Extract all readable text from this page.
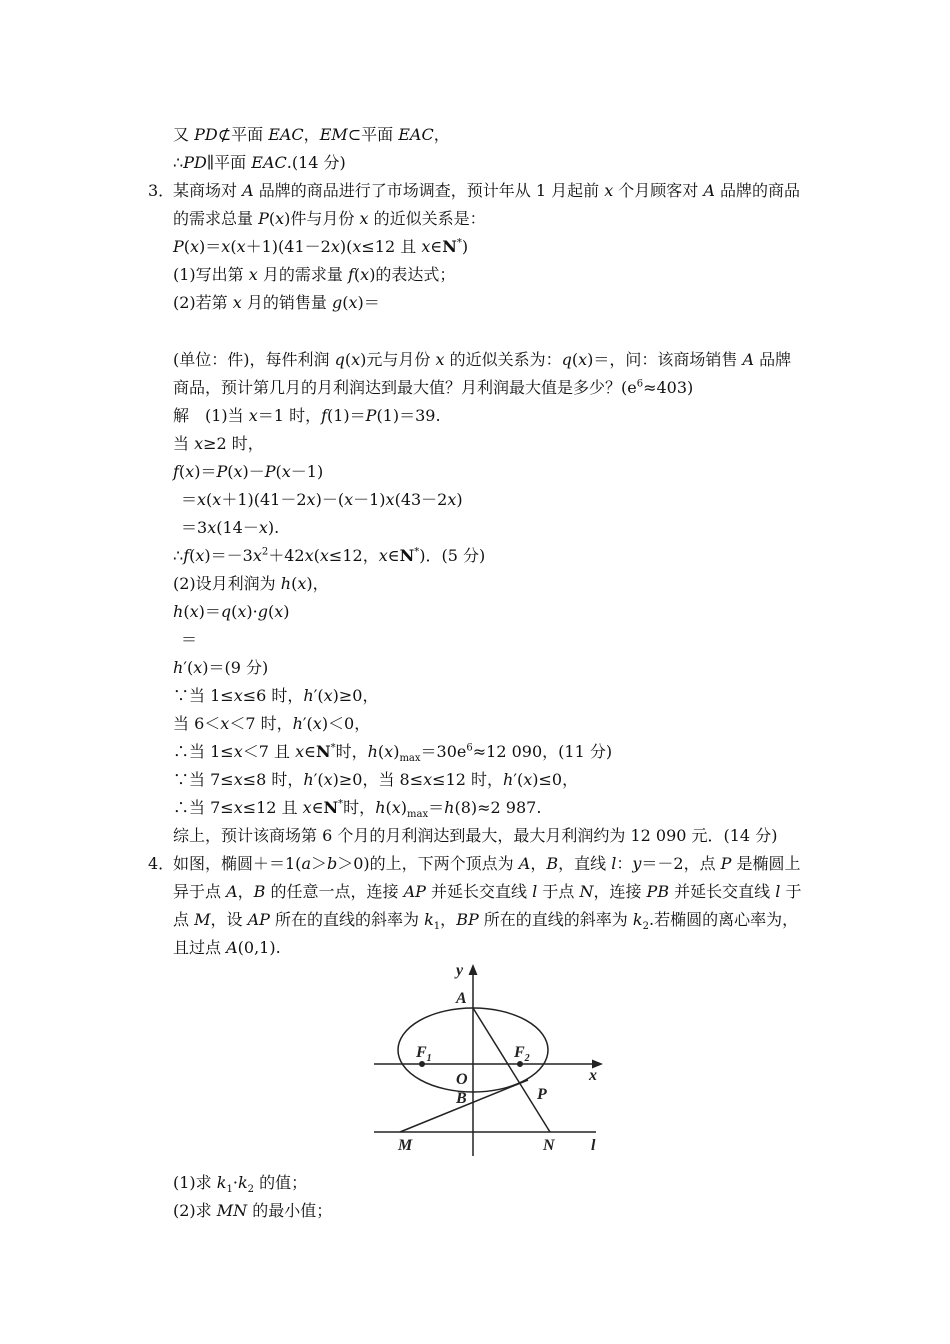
又 PD⊄平面 EAC，EM⊂平面 EAC，
∴PD∥平面 EAC.(14 分)
3．
某商场对 A 品牌的商品进行了市场调查，预计年从 1 月起前 x 个月顾客对 A 品牌的商品
的需求总量 P(x)件与月份 x 的近似关系是：
P(x)＝x(x＋1)(41－2x)(x≤12 且 x∈N*)
(1)写出第 x 月的需求量 f(x)的表达式；
(2)若第 x 月的销售量 g(x)＝
(单位：件)，每件利润 q(x)元与月份 x 的近似关系为：q(x)＝，问：该商场销售 A 品牌
商品，预计第几月的月利润达到最大值？月利润最大值是多少？$(e^6\approx 403)$
解　(1)当 x＝1 时，f(1)＝P(1)＝39.
当 x≥2 时，
f(x)＝P(x)－P(x－1)
＝x(x＋1)(41－2x)－(x－1)x(43－2x)
＝3x(14－x).
$\therefore f(x)=-3x^2+42x(x\le 12$，x∈N*)．(5 分)
(2)设月利润为 h(x)，
h(x)＝q(x)·g(x)
＝
h′(x)＝(9 分)
∵当 1≤x≤6 时，h′(x)≥0，
当 6＜x＜7 时，h′(x)＜0，
∴当 1≤x＜7 且 x∈N*时，$h(x)_{max}=30e^6\approx 12$ 090，(11 分)
∵当 7≤x≤8 时，h′(x)≥0，当 8≤x≤12 时，h′(x)≤0，
∴当 7≤x≤12 且 x∈N*时，$h(x)_{max}=h(8)\approx 2$ 987.
综上，预计该商场第 6 个月的月利润达到最大，最大月利润约为 12 090 元．(14 分)
4．
如图，椭圆＋＝1(a＞b＞0)的上，下两个顶点为 A，B，直线 l：y＝－2，点 P 是椭圆上
异于点 A，B 的任意一点，连接 AP 并延长交直线 l 于点 N，连接 PB 并延长交直线 l 于
点 M，设 AP 所在的直线的斜率为 $k_1$，BP 所在的直线的斜率为 $k_2$.若椭圆的离心率为，
且过点 A(0,1).
y
A
$F_1$	$F_2$
x
O
B	P
M	N l
(1)求 $k_1\cdot k_2$ 的值；
(2)求 MN 的最小值；
